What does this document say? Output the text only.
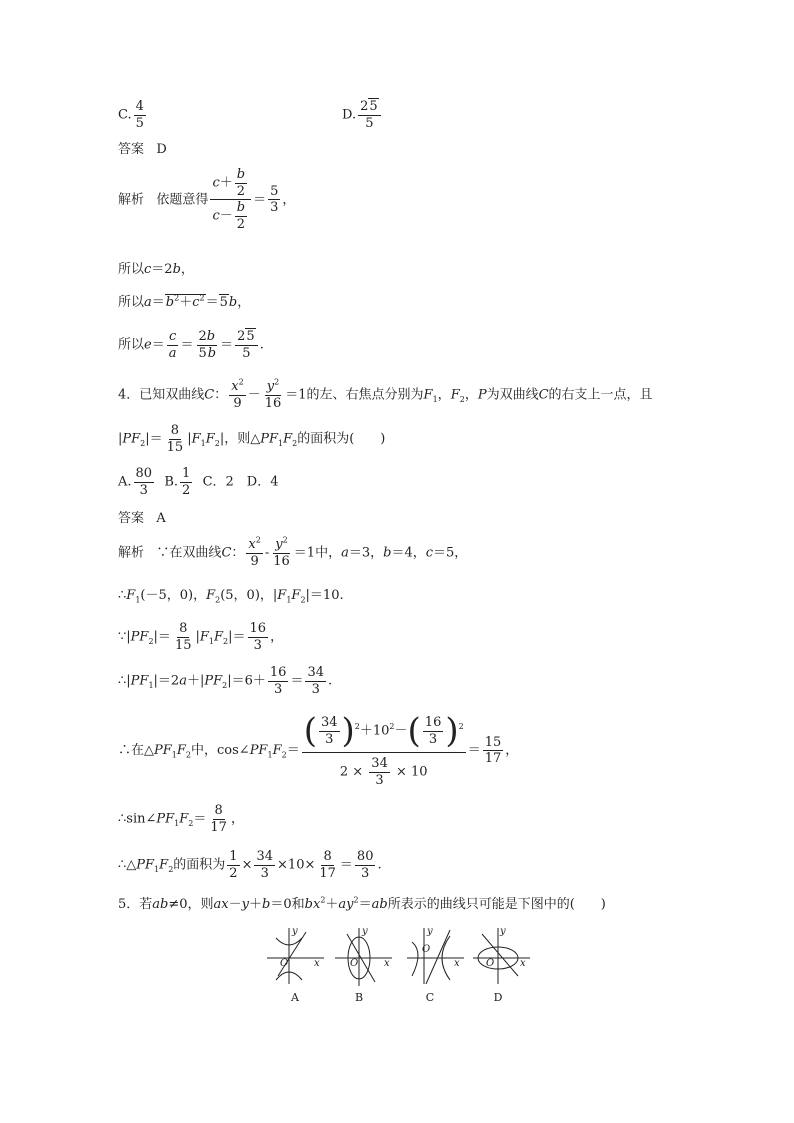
C. $\frac{4}{5}$	D. $\frac{25}{5}$
答案 D
解析 依题意得 $\frac{c+ \frac{b}{2}}{c- \frac{b}{2}} = \frac{5}{3}$ ，
所以c＝2b，
所以$a=b^2+c^2=5b$，
所以$e= \frac{c}{a} = \frac{2b}{5b} = \frac{25}{5}$ .
4．已知双曲线C： $\frac{x^2}{9} - \frac{y^2}{16} =1$的左、右焦点分别为$F_1$，$F_2$，P为双曲线C的右支上一点，且
$|PF_2|= \frac{8}{15} |F_1F_2|$，则$\triangle PF_1F_2$的面积为(　　)
A. $\frac{80}{3} B$. $\frac{1}{2}$ C．2　D．4
答案 A
解析 ∵在双曲线C： $\frac{x^2}{9} - \frac{y^2}{16} =1$中，a＝3，b＝4，c＝5，
$\therefore F_1(-5$，0)，$F_2(5$，0)，$|F_1F_2|=10$.
$\because|PF_2|= \frac{8}{15} |F_1F_2|= \frac{16}{3}$ ，
$\therefore|PF_1|=2a+|PF_2|=6+ \frac{16}{3} = \frac{34}{3}$ .
∴在$\triangle PF_1F_2$中，$\cos\angle PF_1F_2= \frac{( \frac{34}{3} )^2+10^2-( \frac{16}{3} )^2}{2 \times \frac{34}{3} \times 10} = \frac{15}{17}$ ，
$\therefore\sin\angle PF_1F_2= \frac{8}{17}$ ，
$\therefore\triangle PF_1F_2$的面积为 $\frac{1}{2} \times \frac{34}{3} \times 10\times \frac{8}{17} = \frac{80}{3}$ .
5．若ab≠0，则ax－y＋b＝0和$bx^2+ay^2=ab$所表示的曲线只可能是下图中的(　　)
y
x
O
y
x
O
y
x
O
y
x
O
A	B	C	D
